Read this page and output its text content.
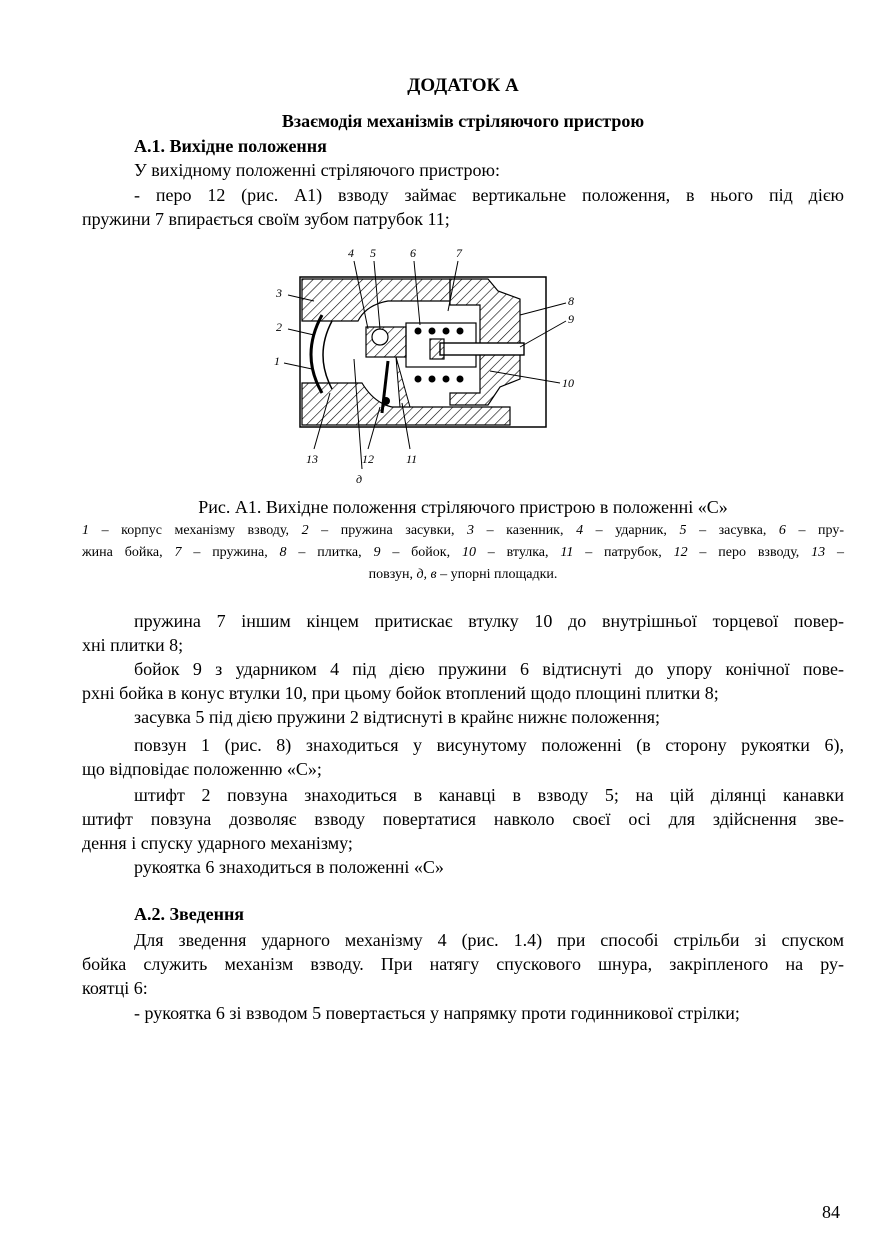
ДОДАТОК А
Взаємодія механізмів стріляючого пристрою
А.1. Вихідне положення
У вихідному положенні стріляючого пристрою:
- перо 12 (рис. А1) взводу займає вертикальне положення, в нього під дією
пружини 7 впирається своїм зубом патрубок 11;
4 5	6	7
3
8
2
9
1
10
13	12	11
д
Рис. А1. Вихідне положення стріляючого пристрою в положенні «С»
1 – корпус механізму взводу, 2 – пружина засувки, 3 – казенник, 4 – ударник, 5 – засувка, 6 – пру-
жина бойка, 7 – пружина, 8 – плитка, 9 – бойок, 10 – втулка, 11 – патрубок, 12 – перо взводу, 13 –
повзун, д, в – упорні площадки.
пружина 7 іншим кінцем притискає втулку 10 до внутрішньої торцевої повер-
хні плитки 8;
бойок 9 з ударником 4 під дією пружини 6 відтиснуті до упору конічної пове-
рхні бойка в конус втулки 10, при цьому бойок втоплений щодо площині плитки 8;
засувка 5 під дією пружини 2 відтиснуті в крайнє нижнє положення;
повзун 1 (рис. 8) знаходиться у висунутому положенні (в сторону рукоятки 6),
що відповідає положенню «С»;
штифт 2 повзуна знаходиться в канавці в взводу 5; на цій ділянці канавки
штифт повзуна дозволяє взводу повертатися навколо своєї осі для здійснення зве-
дення і спуску ударного механізму;
рукоятка 6 знаходиться в положенні «С»
А.2. Зведення
Для зведення ударного механізму 4 (рис. 1.4) при способі стрільби зі спуском
бойка служить механізм взводу. При натягу спускового шнура, закріпленого на ру-
коятці 6:
- рукоятка 6 зі взводом 5 повертається у напрямку проти годинникової стрілки;
84
